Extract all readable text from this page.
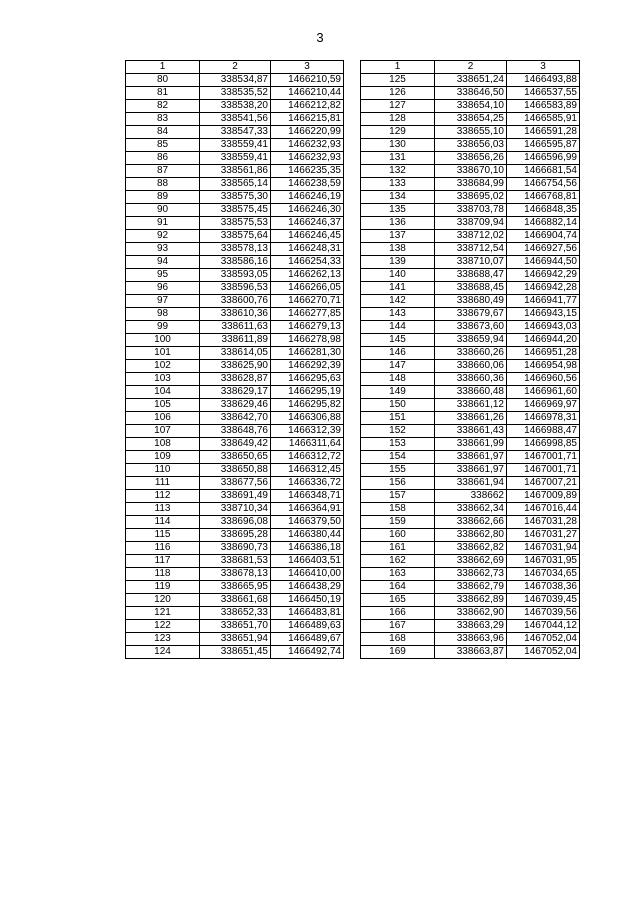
3
1	2	3
80	338534,87	1466210,59
81	338535,52	1466210,44
82	338538,20	1466212,82
83	338541,56	1466215,81
84	338547,33	1466220,99
85	338559,41	1466232,93
86	338559,41	1466232,93
87	338561,86	1466235,35
88	338565,14	1466238,59
89	338575,30	1466246,19
90	338575,45	1466246,30
91	338575,53	1466246,37
92	338575,64	1466246,45
93	338578,13	1466248,31
94	338586,16	1466254,33
95	338593,05	1466262,13
96	338596,53	1466266,05
97	338600,76	1466270,71
98	338610,36	1466277,85
99	338611,63	1466279,13
100	338611,89	1466278,98
101	338614,05	1466281,30
102	338625,90	1466292,39
103	338628,87	1466295,63
104	338629,17	1466295,19
105	338629,46	1466295,82
106	338642,70	1466306,88
107	338648,76	1466312,39
108	338649,42	1466311,64
109	338650,65	1466312,72
110	338650,88	1466312,45
111	338677,56	1466336,72
112	338691,49	1466348,71
113	338710,34	1466364,91
114	338696,08	1466379,50
115	338695,28	1466380,44
116	338690,73	1466386,18
117	338681,53	1466403,51
118	338678,13	1466410,00
119	338665,95	1466438,29
120	338661,68	1466450,19
121	338652,33	1466483,81
122	338651,70	1466489,63
123	338651,94	1466489,67
124	338651,45	1466492,74
1	2	3
125	338651,24	1466493,88
126	338646,50	1466537,55
127	338654,10	1466583,89
128	338654,25	1466585,91
129	338655,10	1466591,28
130	338656,03	1466595,87
131	338656,26	1466596,99
132	338670,10	1466681,54
133	338684,99	1466754,56
134	338695,02	1466768,81
135	338703,78	1466848,35
136	338709,94	1466882,14
137	338712,02	1466904,74
138	338712,54	1466927,56
139	338710,07	1466944,50
140	338688,47	1466942,29
141	338688,45	1466942,28
142	338680,49	1466941,77
143	338679,67	1466943,15
144	338673,60	1466943,03
145	338659,94	1466944,20
146	338660,26	1466951,28
147	338660,06	1466954,98
148	338660,36	1466960,56
149	338660,48	1466961,60
150	338661,12	1466969,97
151	338661,26	1466978,31
152	338661,43	1466988,47
153	338661,99	1466998,85
154	338661,97	1467001,71
155	338661,97	1467001,71
156	338661,94	1467007,21
157	338662	1467009,89
158	338662,34	1467016,44
159	338662,66	1467031,28
160	338662,80	1467031,27
161	338662,82	1467031,94
162	338662,69	1467031,95
163	338662,73	1467034,65
164	338662,79	1467038,36
165	338662,89	1467039,45
166	338662,90	1467039,56
167	338663,29	1467044,12
168	338663,96	1467052,04
169	338663,87	1467052,04
